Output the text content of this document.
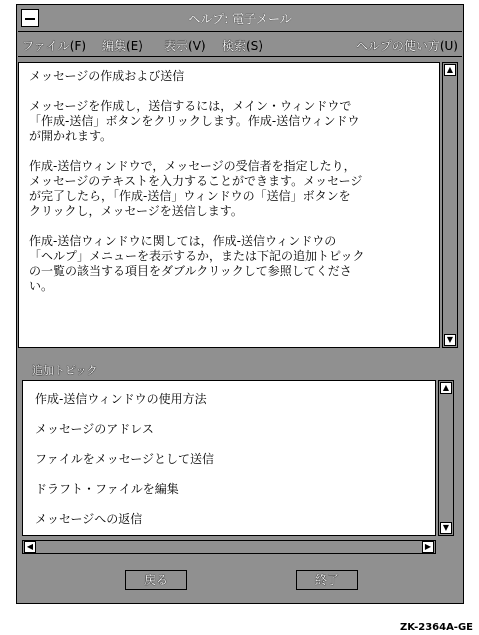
ヘルプ: 電子メール
ファイル(F) 編集(E) 表示(V) 検索(S)	ヘルプの使い方(U)

メッセージの作成および送信

メッセージを作成し，送信するには，メイン・ウィンドウで
「作成-送信」ボタンをクリックします。作成-送信ウィンドウ
が開かれます。

作成-送信ウィンドウで，メッセージの受信者を指定したり，
メッセージのテキストを入力することができます。メッセージ
が完了したら，「作成-送信」ウィンドウの「送信」ボタンを
クリックし，メッセージを送信します。

作成-送信ウィンドウに関しては，作成-送信ウィンドウの
「ヘルプ」メニューを表示するか，または下記の追加トピック
の一覧の該当する項目をダブルクリックして参照してくださ
い。

▲
▼
追加トピック
作成-送信ウィンドウの使用方法
メッセージのアドレス
ファイルをメッセージとして送信
ドラフト・ファイルを編集
メッセージへの返信
▲
▼
◀	▶
戻る	終了
ZK-2364A-GE
